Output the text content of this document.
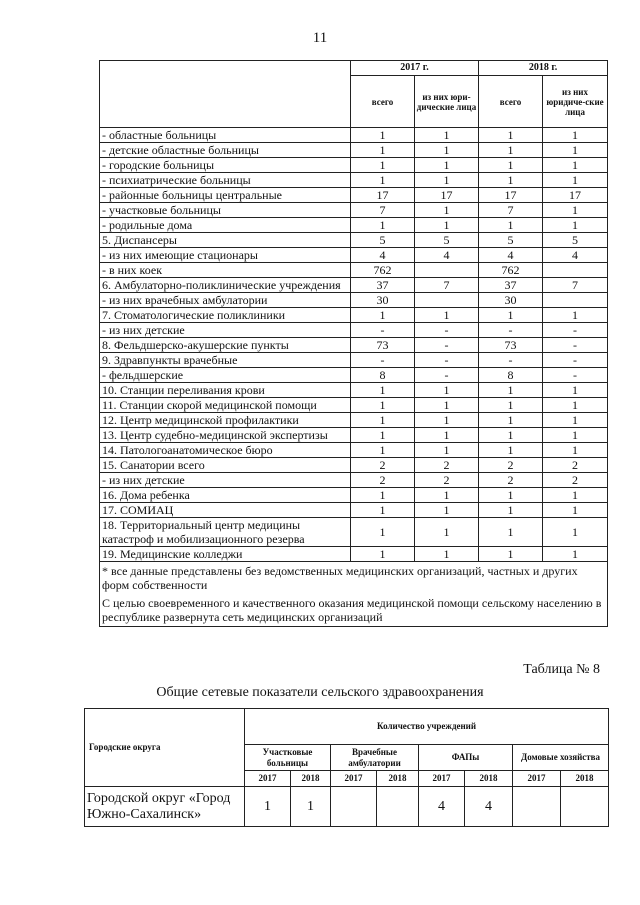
11
	2017 г.		2018 г.	
	всего	из них юри-дические лица	всего	из них юридиче-ские лица
- областные больницы	1	1	1	1
- детские областные больницы	1	1	1	1
- городские больницы	1	1	1	1
- психиатрические больницы	1	1	1	1
- районные больницы центральные	17	17	17	17
- участковые больницы	7	1	7	1
- родильные дома	1	1	1	1
5. Диспансеры	5	5	5	5
- из них имеющие стационары	4	4	4	4
- в них коек	762		762	
6. Амбулаторно-поликлинические учреждения	37	7	37	7
- из них врачебных амбулатории	30		30	
7. Стоматологические поликлиники	1	1	1	1
- из них детские	-	-	-	-
8. Фельдшерско-акушерские пункты	73	-	73	-
9. Здравпункты врачебные	-	-	-	-
- фельдшерские	8	-	8	-
10. Станции переливания крови	1	1	1	1
11. Станции скорой медицинской помощи	1	1	1	1
12. Центр медицинской профилактики	1	1	1	1
13. Центр судебно-медицинской экспертизы	1	1	1	1
14. Патологоанатомическое бюро	1	1	1	1
15. Санатории всего	2	2	2	2
- из них детские	2	2	2	2
16. Дома ребенка	1	1	1	1
17. СОМИАЦ	1	1	1	1
18. Территориальный центр медицины катастроф и мобилизационного резерва	1	1	1	1
19. Медицинские колледжи	1	1	1	1
* все данные представлены без ведомственных медицинских организаций, частных и других форм собственности				
С целью своевременного и качественного оказания медицинской помощи сельскому населению в республике развернута сеть медицинских организаций				
Таблица № 8
Общие сетевые показатели сельского здравоохранения
Городские округа	Количество учреждений							
	Участковые больницы		Врачебные амбулатории		ФАПы		Домовые хозяйства	
	2017	2018	2017	2018	2017	2018	2017	2018
Городской округ «Город Южно-Сахалинск»	1	1			4	4		
